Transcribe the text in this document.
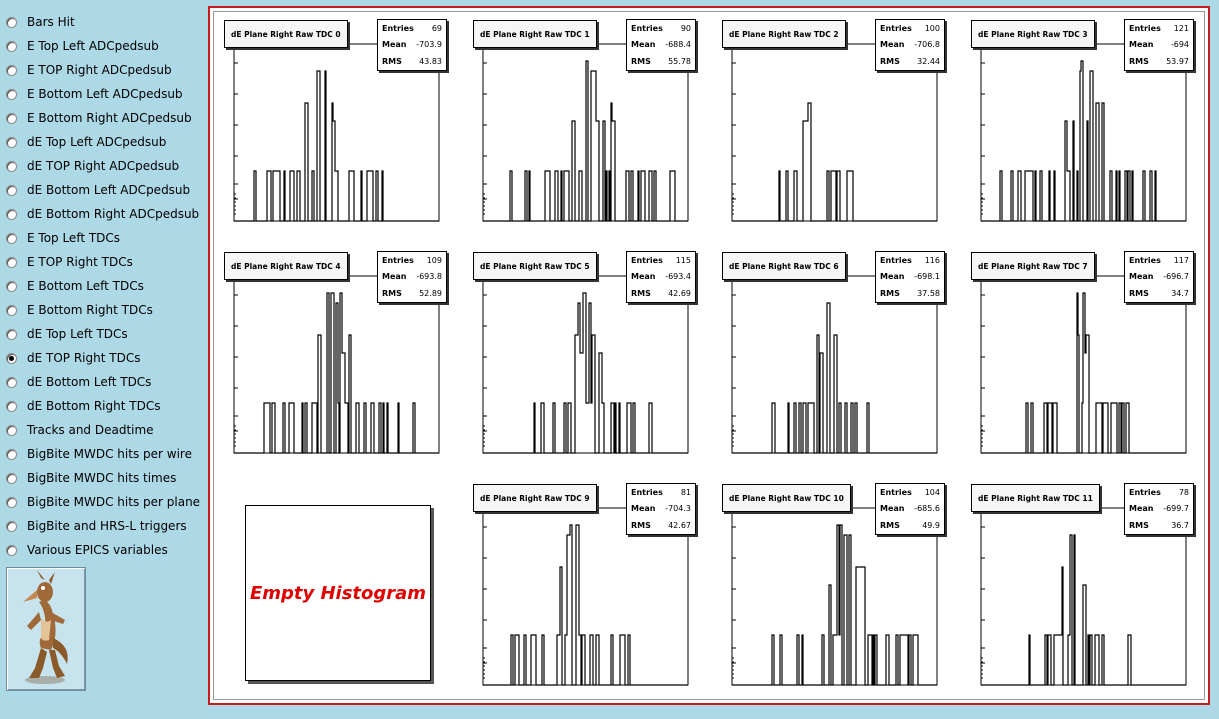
Bars Hit
E Top Left ADCpedsub
E TOP Right ADCpedsub
E Bottom Left ADCpedsub
E Bottom Right ADCpedsub
dE Top Left ADCpedsub
dE TOP Right ADCpedsub
dE Bottom Left ADCpedsub
dE Bottom Right ADCpedsub
E Top Left TDCs
E TOP Right TDCs
E Bottom Left TDCs
E Bottom Right TDCs
dE Top Left TDCs
dE TOP Right TDCs
dE Bottom Left TDCs
dE Bottom Right TDCs
Tracks and Deadtime
BigBite MWDC hits per wire
BigBite MWDC hits times
BigBite MWDC hits per plane
BigBite and HRS-L triggers
Various EPICS variables
dE Plane Right Raw TDC 0
Entries 69
Mean -703.9
RMS 43.83
dE Plane Right Raw TDC 1
Entries 90
Mean -688.4
RMS 55.78
dE Plane Right Raw TDC 2
Entries 100
Mean -706.8
RMS 32.44
dE Plane Right Raw TDC 3
Entries 121
Mean -694
RMS 53.97
dE Plane Right Raw TDC 4
Entries 109
Mean -693.8
RMS 52.89
dE Plane Right Raw TDC 5
Entries 115
Mean -693.4
RMS 42.69
dE Plane Right Raw TDC 6
Entries 116
Mean -698.1
RMS 37.58
dE Plane Right Raw TDC 7
Entries 117
Mean -696.7
RMS	34.7
dE Plane Right Raw TDC 9
Entries 81
Mean -704.3
RMS 42.67
dE Plane Right Raw TDC 10
Entries 104
Mean -685.6
RMS	49.9
dE Plane Right Raw TDC 11
Entries 78
Mean -699.7
RMS	36.7
Empty Histogram
